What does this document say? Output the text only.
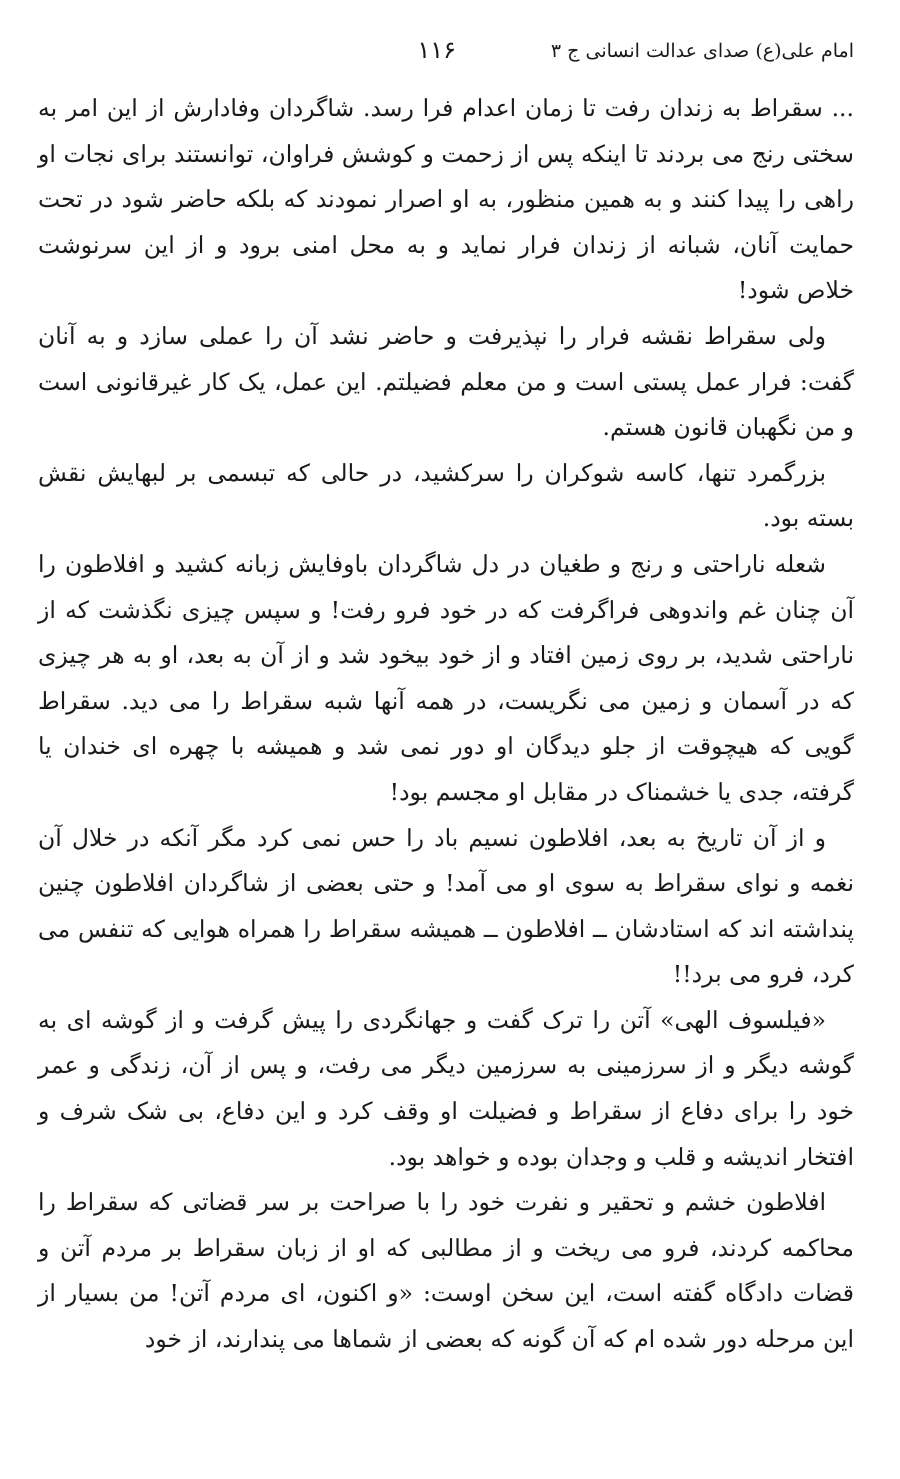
امام علی(ع) صدای عدالت انسانی ج ۳
۱۱۶

... سقراط به زندان رفت تا زمان اعدام فرا رسد. شاگردان وفادارش از این امر به سختی رنج می بردند تا اینکه پس از زحمت و کوشش فراوان، توانستند برای نجات او راهی را پیدا کنند و به همین منظور، به او اصرار نمودند که بلکه حاضر شود در تحت حمایت آنان، شبانه از زندان فرار نماید و به محل امنی برود و از این سرنوشت خلاص شود!

ولی سقراط نقشه فرار را نپذیرفت و حاضر نشد آن را عملی سازد و به آنان گفت: فرار عمل پستی است و من معلم فضیلتم. این عمل، یک کار غیرقانونی است و من نگهبان قانون هستم.

بزرگمرد تنها، کاسه شوکران را سرکشید، در حالی که تبسمی بر لبهایش نقش بسته بود.

شعله ناراحتی و رنج و طغیان در دل شاگردان باوفایش زبانه کشید و افلاطون را آن چنان غم واندوهی فراگرفت که در خود فرو رفت! و سپس چیزی نگذشت که از ناراحتی شدید، بر روی زمین افتاد و از خود بیخود شد و از آن به بعد، او به هر چیزی که در آسمان و زمین می نگریست، در همه آنها شبه سقراط را می دید. سقراط گویی که هیچوقت از جلو دیدگان او دور نمی شد و همیشه با چهره ای خندان یا گرفته، جدی یا خشمناک در مقابل او مجسم بود!

و از آن تاریخ به بعد، افلاطون نسیم باد را حس نمی کرد مگر آنکه در خلال آن نغمه و نوای سقراط به سوی او می آمد! و حتی بعضی از شاگردان افلاطون چنین پنداشته اند که استادشان ــ افلاطون ــ همیشه سقراط را همراه هوایی که تنفس می کرد، فرو می برد!!

«فیلسوف الهی» آتن را ترک گفت و جهانگردی را پیش گرفت و از گوشه ای به گوشه دیگر و از سرزمینی به سرزمین دیگر می رفت، و پس از آن، زندگی و عمر خود را برای دفاع از سقراط و فضیلت او وقف کرد و این دفاع، بی شک شرف و افتخار اندیشه و قلب و وجدان بوده و خواهد بود.

افلاطون خشم و تحقیر و نفرت خود را با صراحت بر سر قضاتی که سقراط را محاکمه کردند، فرو می ریخت و از مطالبی که او از زبان سقراط بر مردم آتن و قضات دادگاه گفته است، این سخن اوست: «و اکنون، ای مردم آتن! من بسیار از این مرحله دور شده ام که آن گونه که بعضی از شماها می پندارند، از خود
